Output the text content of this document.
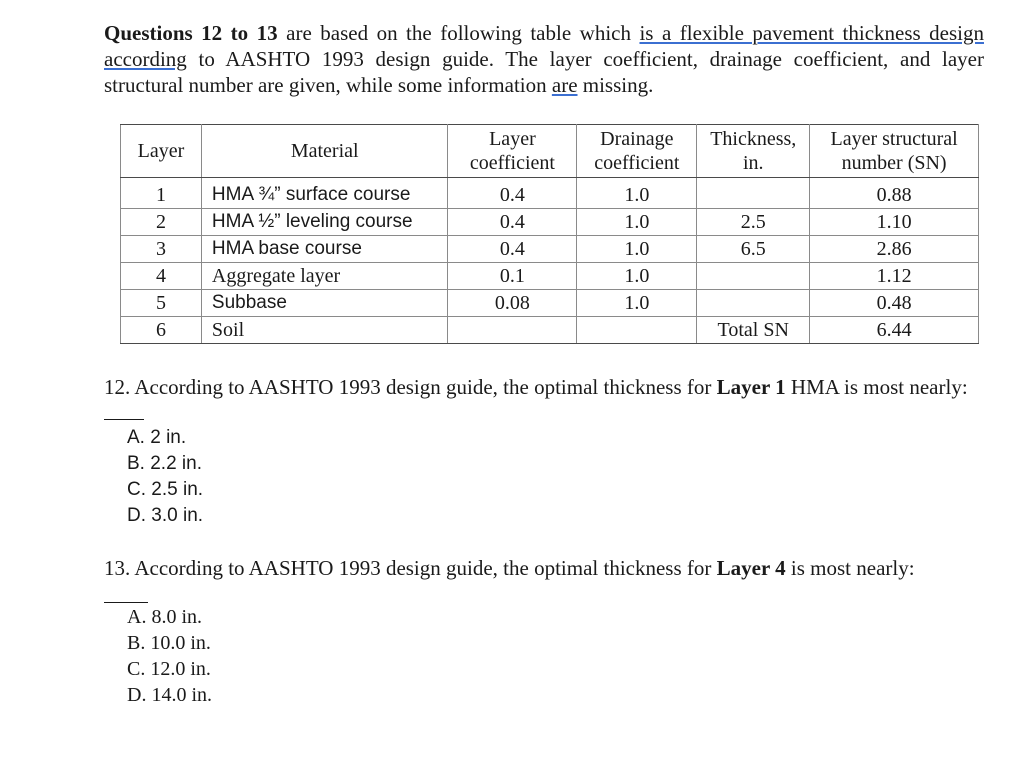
Questions 12 to 13 are based on the following table which is a flexible pavement thickness design according to AASHTO 1993 design guide. The layer coefficient, drainage coefficient, and layer structural number are given, while some information are missing.

Layer	Material	Layer coefficient	Drainage coefficient	Thickness, in.	Layer structural number (SN)
1	HMA ¾” surface course	0.4	1.0		0.88
2	HMA ½” leveling course	0.4	1.0	2.5	1.10
3	HMA base course	0.4	1.0	6.5	2.86
4	Aggregate layer	0.1	1.0		1.12
5	Subbase	0.08	1.0		0.48
6	Soil			Total SN	6.44

12. According to AASHTO 1993 design guide, the optimal thickness for Layer 1 HMA is most nearly:

A. 2 in.
B. 2.2 in.
C. 2.5 in.
D. 3.0 in.

13. According to AASHTO 1993 design guide, the optimal thickness for Layer 4 is most nearly:

A. 8.0 in.
B. 10.0 in.
C. 12.0 in.
D. 14.0 in.
